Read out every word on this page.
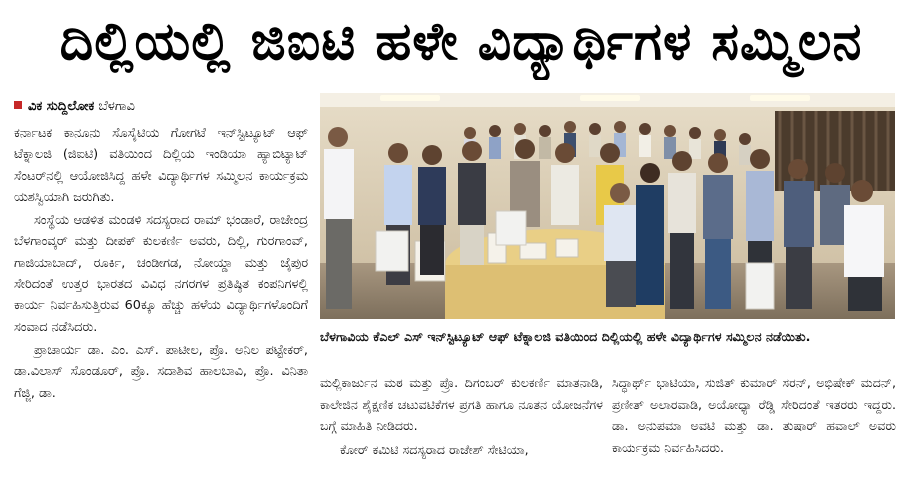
ದಿಲ್ಲಿಯಲ್ಲಿ ಜಿಐಟಿ ಹಳೇ ವಿದ್ಯಾರ್ಥಿಗಳ ಸಮ್ಮಿಲನ
ವಿಕ ಸುದ್ದಿಲೋಕ ಬೆಳಗಾವಿ

ಕರ್ನಾಟಕ ಕಾನೂನು ಸೊಸೈಟಿಯ ಗೋಗಟೆ ಇನ್‌ಸ್ಟಿಟ್ಯೂಟ್ ಆಫ್ ಟೆಕ್ನಾಲಜಿ (ಜಿಐಟಿ) ವತಿಯಿಂದ ದಿಲ್ಲಿಯ ಇಂಡಿಯಾ ಹ್ಯಾಬಿಟ್ಯಾಟ್ ಸೆಂಟರ್‌ನಲ್ಲಿ ಆಯೋಜಿಸಿದ್ದ ಹಳೇ ವಿದ್ಯಾರ್ಥಿಗಳ ಸಮ್ಮಿಲನ ಕಾರ್ಯಕ್ರಮ ಯಶಸ್ವಿಯಾಗಿ ಜರುಗಿತು.

ಸಂಸ್ಥೆಯ ಆಡಳಿತ ಮಂಡಳಿ ಸದಸ್ಯರಾದ ರಾಮ್ ಭಂಡಾರೆ, ರಾಜೇಂದ್ರ ಬೆಳಗಾಂವ್ಕರ್ ಮತ್ತು ದೀಪಕ್ ಕುಲಕರ್ಣಿ ಅವರು, ದಿಲ್ಲಿ, ಗುರಗಾಂವ್, ಗಾಜಿಯಾಬಾದ್, ರೂರ್ಕಿ, ಚಂಡೀಗಡ, ನೋಯ್ಡಾ ಮತ್ತು ಜೈಪುರ ಸೇರಿದಂತೆ ಉತ್ತರ ಭಾರತದ ವಿವಿಧ ನಗರಗಳ ಪ್ರತಿಷ್ಠಿತ ಕಂಪನಿಗಳಲ್ಲಿ ಕಾರ್ಯ ನಿರ್ವಹಿಸುತ್ತಿರುವ 60ಕ್ಕೂ ಹೆಚ್ಚು ಹಳೆಯ ವಿದ್ಯಾರ್ಥಿಗಳೊಂದಿಗೆ ಸಂವಾದ ನಡೆಸಿದರು.

ಪ್ರಾಚಾರ್ಯ ಡಾ. ಎಂ. ಎಸ್. ಪಾಟೀಲ, ಪ್ರೊ. ಅನಿಲ ಪಟ್ಟೇಕರ್, ಡಾ.ವಿಲಾಸ್ ಸೊಂಡೂರ್, ಪ್ರೊ. ಸದಾಶಿವ ಹಾಲಬಾವಿ, ಪ್ರೊ. ವಿನಿತಾ ಗೆಜ್ಜಿ, ಡಾ.

ಬೆಳಗಾವಿಯ ಕೆಎಲ್ ಎಸ್ ಇನ್‌ಸ್ಟಿಟ್ಯೂಟ್ ಆಫ್ ಟೆಕ್ನಾಲಜಿ ವತಿಯಿಂದ ದಿಲ್ಲಿಯಲ್ಲಿ ಹಳೇ ವಿದ್ಯಾರ್ಥಿಗಳ ಸಮ್ಮಿಲನ ನಡೆಯಿತು.

ಮಲ್ಲಿಕಾರ್ಜುನ ಮಠ ಮತ್ತು ಪ್ರೊ. ದಿಗಂಬರ್ ಕುಲಕರ್ಣಿ ಮಾತನಾಡಿ, ಕಾಲೇಜಿನ ಶೈಕ್ಷಣಿಕ ಚಟುವಟಿಕೆಗಳ ಪ್ರಗತಿ ಹಾಗೂ ನೂತನ ಯೋಜನೆಗಳ ಬಗ್ಗೆ ಮಾಹಿತಿ ನೀಡಿದರು.

ಕೋರ್ ಕಮಿಟಿ ಸದಸ್ಯರಾದ ರಾಜೇಶ್ ಸೇಟಿಯಾ,

ಸಿದ್ಧಾರ್ಥ್ ಭಾಟಿಯಾ, ಸುಜಿತ್ ಕುಮಾರ್ ಸರನ್, ಅಭಿಷೇಕ್ ಮದನ್, ಪ್ರಣೀತ್ ಅಲಾರವಾಡಿ, ಅಯೋಧ್ಯಾ ರೆಡ್ಡಿ ಸೇರಿದಂತೆ ಇತರರು ಇದ್ದರು. ಡಾ. ಅನುಪಮಾ ಅವಟಿ ಮತ್ತು ಡಾ. ತುಷಾರ್ ಹವಾಲ್ ಅವರು ಕಾರ್ಯಕ್ರಮ ನಿರ್ವಹಿಸಿದರು.
